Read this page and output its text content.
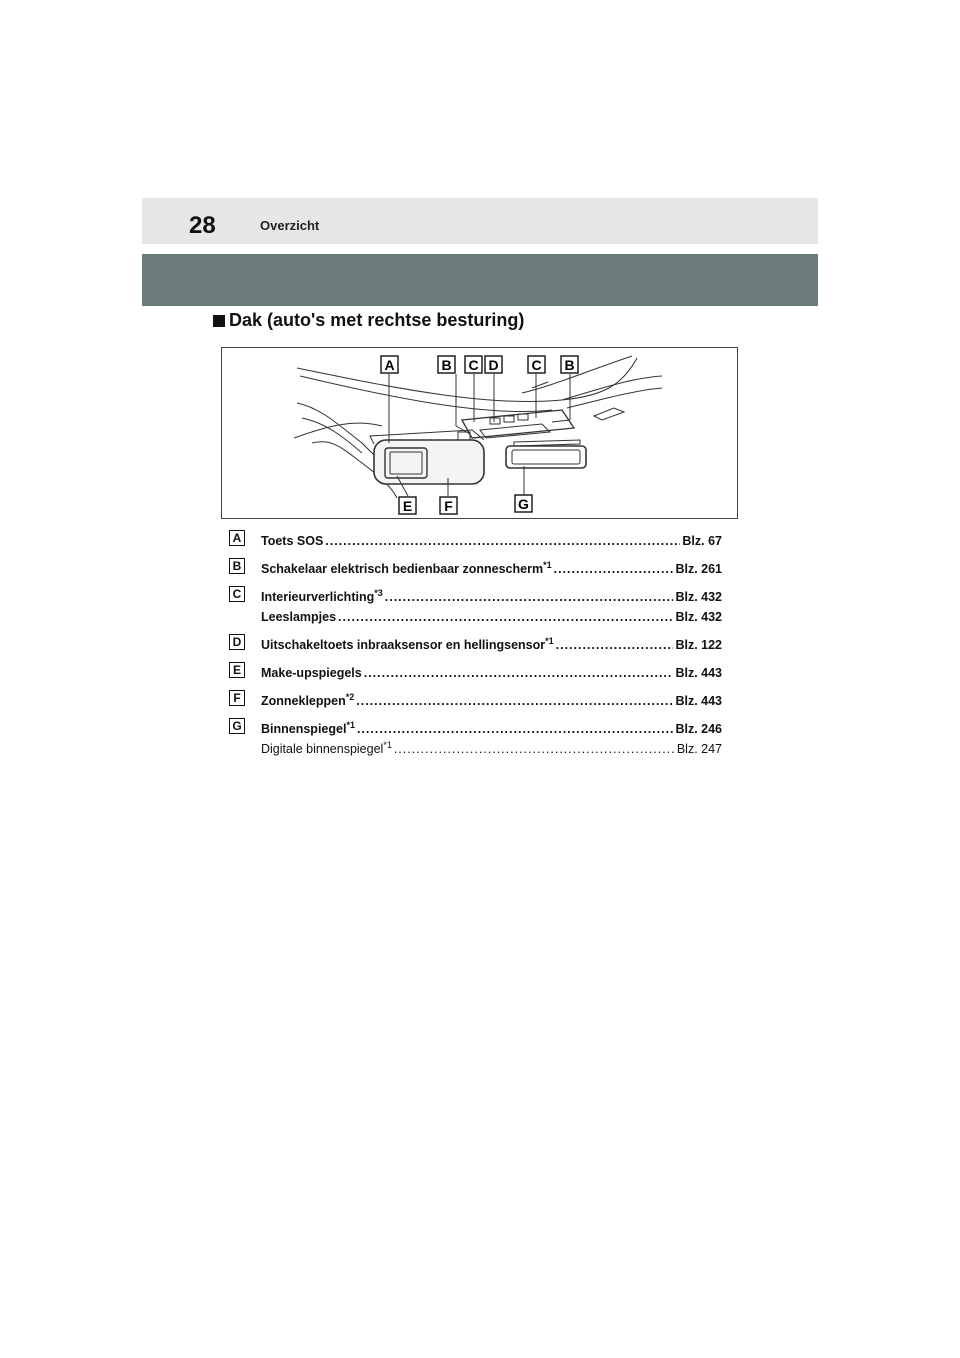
28	Overzicht
Dak (auto's met rechtse besturing)
A	B C D C B
E F	G
A Toets SOS .....	Blz. 67
B Schakelaar elektrisch bedienbaar zonnescherm$^{*1}$ .....	Blz. 261
C Interieurverlichting$^{*3}$ .....	Blz. 432
Leeslampjes .....	Blz. 432
D Uitschakeltoets inbraaksensor en hellingsensor$^{*1}$ .....	Blz. 122
E	Make-upspiegels .....	Blz. 443
F	Zonnekleppen$^{*2}$ .....	Blz. 443
G Binnenspiegel$^{*1}$ .....	Blz. 246
Digitale binnenspiegel$^{*1}$ .....	Blz. 247
